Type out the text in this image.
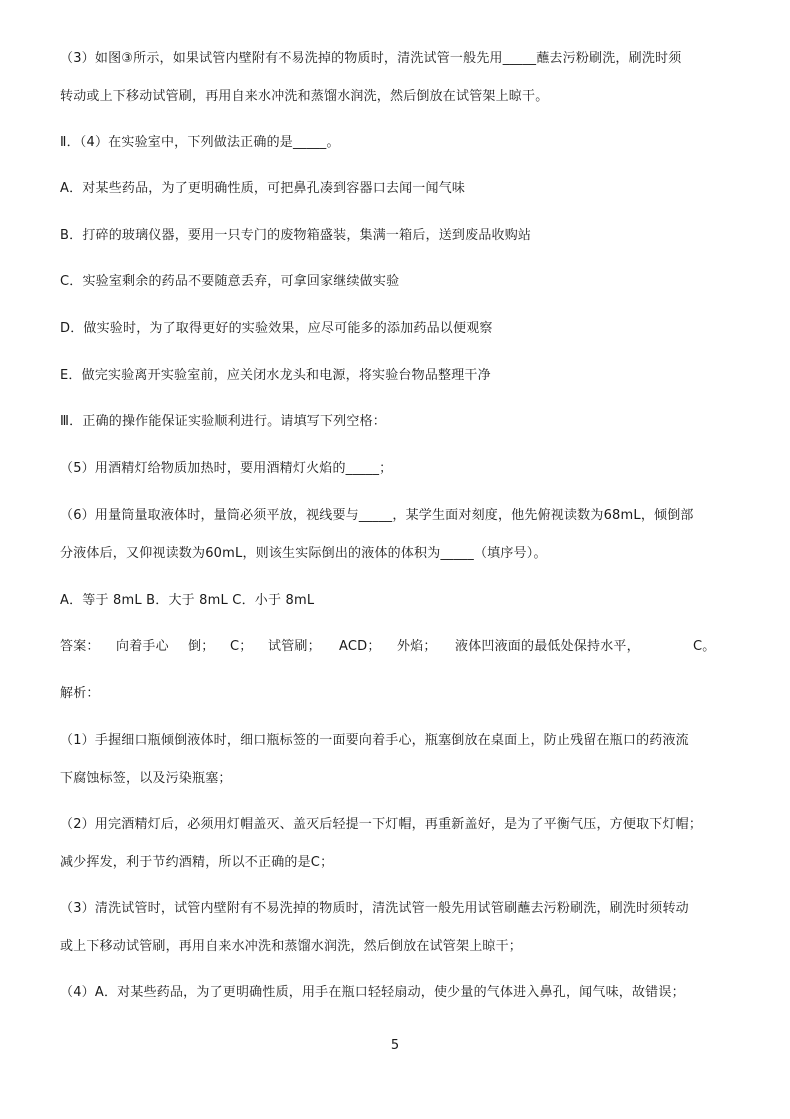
（3）如图③所示，如果试管内壁附有不易洗掉的物质时，清洗试管一般先用_____蘸去污粉刷洗，刷洗时须
转动或上下移动试管刷，再用自来水冲洗和蒸馏水润洗，然后倒放在试管架上晾干。
Ⅱ．（4）在实验室中，下列做法正确的是_____。
A．对某些药品，为了更明确性质，可把鼻孔凑到容器口去闻一闻气味
B．打碎的玻璃仪器，要用一只专门的废物箱盛装，集满一箱后，送到废品收购站
C．实验室剩余的药品不要随意丢弃，可拿回家继续做实验
D．做实验时，为了取得更好的实验效果，应尽可能多的添加药品以便观察
E．做完实验离开实验室前，应关闭水龙头和电源，将实验台物品整理干净
Ⅲ．正确的操作能保证实验顺利进行。请填写下列空格：
（5）用酒精灯给物质加热时，要用酒精灯火焰的_____；
（6）用量筒量取液体时，量筒必须平放，视线要与_____，某学生面对刻度，他先俯视读数为68mL，倾倒部
分液体后，又仰视读数为60mL，则该生实际倒出的液体的体积为_____（填序号）。
A．等于 8mL B．大于 8mL C．小于 8mL
答案： 向着手心 倒； C； 试管刷； ACD； 外焰； 液体凹液面的最低处保持水平，	C。
解析：
（1）手握细口瓶倾倒液体时，细口瓶标签的一面要向着手心，瓶塞倒放在桌面上，防止残留在瓶口的药液流
下腐蚀标签，以及污染瓶塞；
（2）用完酒精灯后，必须用灯帽盖灭、盖灭后轻提一下灯帽，再重新盖好，是为了平衡气压，方便取下灯帽；
减少挥发，利于节约酒精，所以不正确的是C；
（3）清洗试管时，试管内壁附有不易洗掉的物质时，清洗试管一般先用试管刷蘸去污粉刷洗，刷洗时须转动
或上下移动试管刷，再用自来水冲洗和蒸馏水润洗，然后倒放在试管架上晾干；
（4）A．对某些药品，为了更明确性质，用手在瓶口轻轻扇动，使少量的气体进入鼻孔，闻气味，故错误；
5
